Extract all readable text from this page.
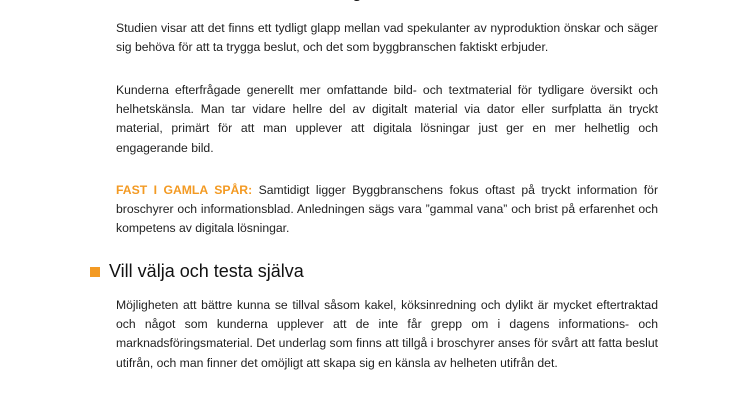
Studien visar att det finns ett tydligt glapp mellan vad spekulanter av nyproduktion önskar och säger sig behöva för att ta trygga beslut, och det som byggbranschen faktiskt erbjuder.

Kunderna efterfrågade generellt mer omfattande bild- och textmaterial för tydligare översikt och helhetskänsla. Man tar vidare hellre del av digitalt material via dator eller surfplatta än tryckt material, primärt för att man upplever att digitala lösningar just ger en mer helhetlig och engagerande bild.

FAST I GAMLA SPÅR: Samtidigt ligger Byggbranschens fokus oftast på tryckt information för broschyrer och informationsblad. Anledningen sägs vara ”gammal vana” och brist på erfarenhet och kompetens av digitala lösningar.

Vill välja och testa själva

Möjligheten att bättre kunna se tillval såsom kakel, köksinredning och dylikt är mycket eftertraktad och något som kunderna upplever att de inte får grepp om i dagens informations- och marknadsföringsmaterial. Det underlag som finns att tillgå i broschyrer anses för svårt att fatta beslut utifrån, och man finner det omöjligt att skapa sig en känsla av helheten utifrån det.
